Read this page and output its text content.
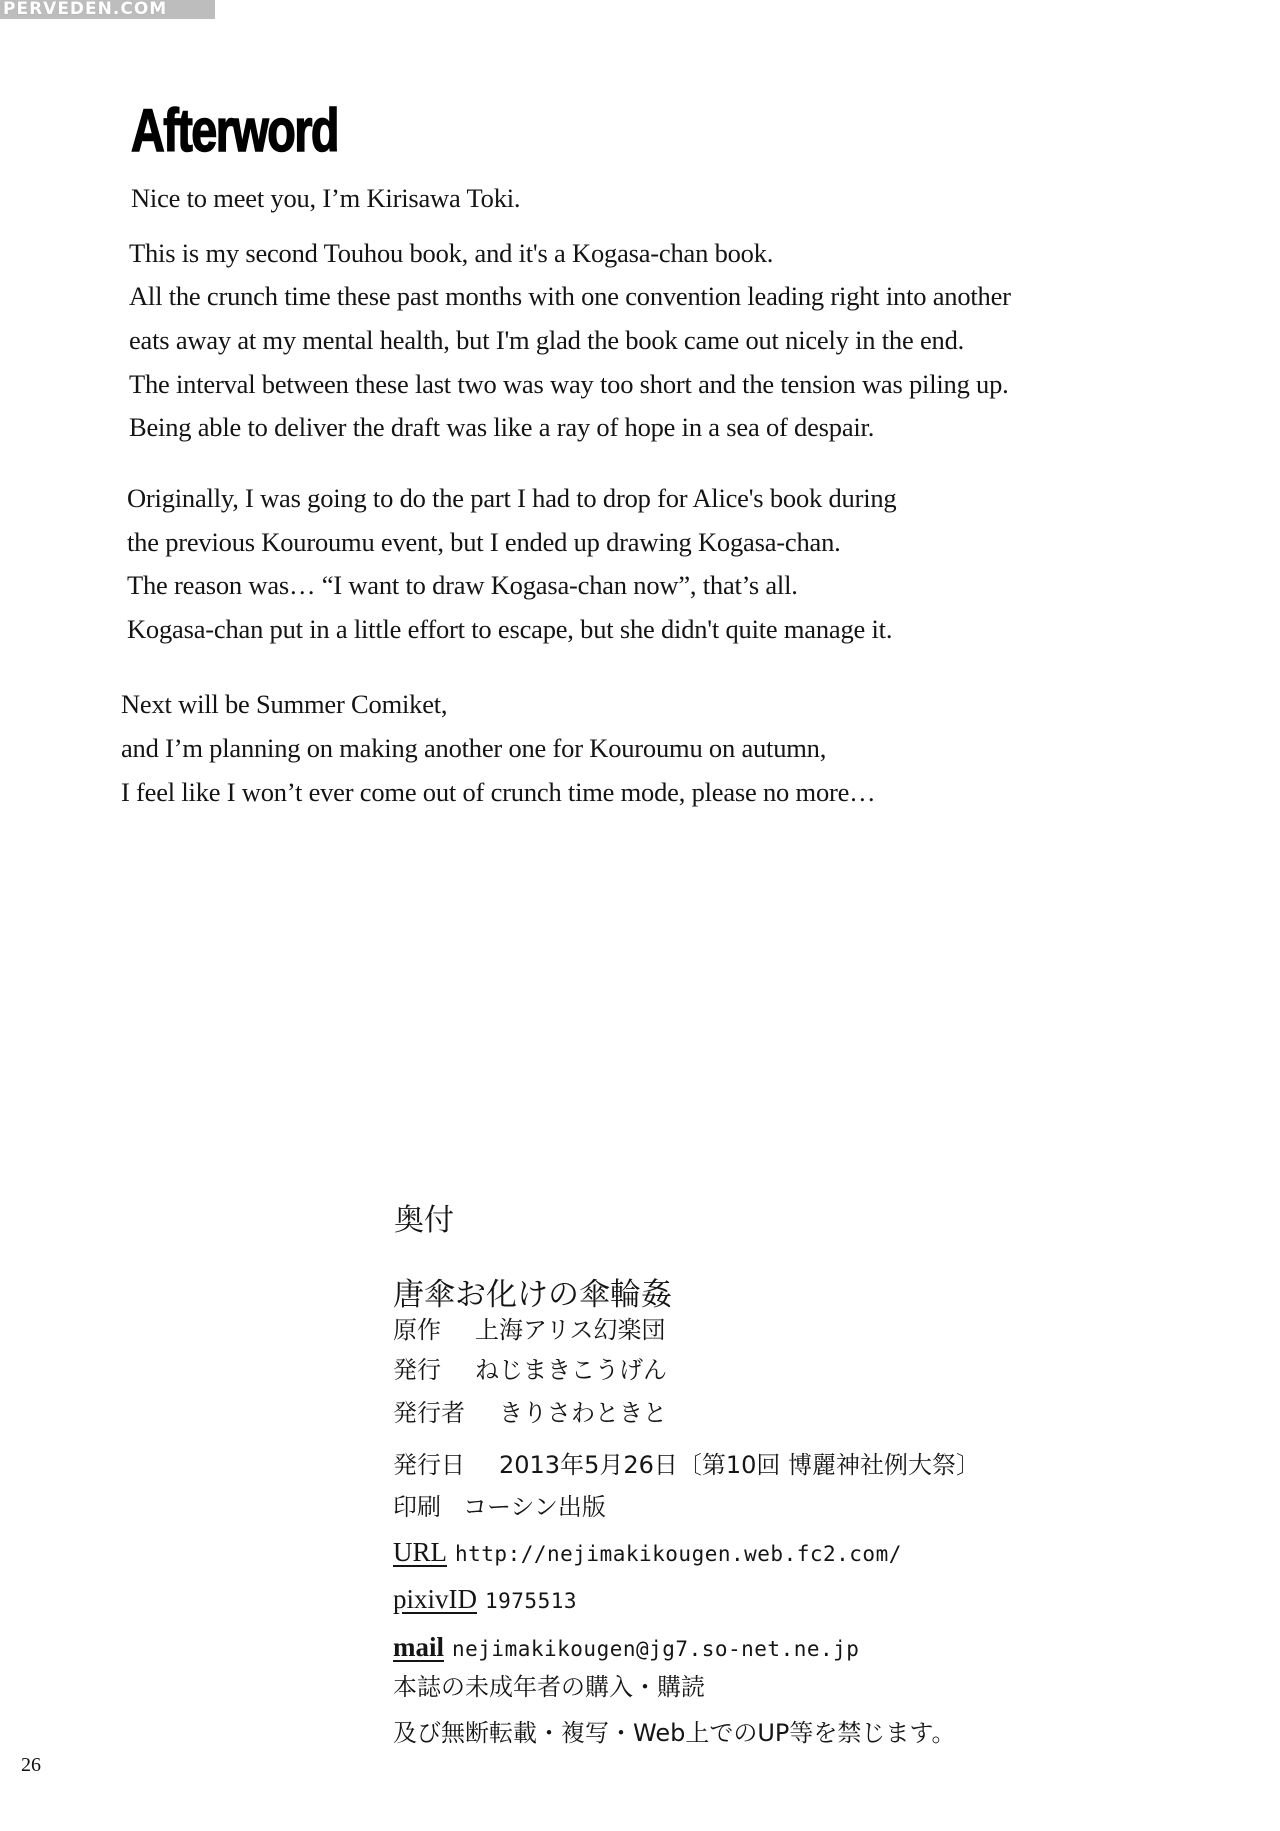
PERVEDEN.COM
Afterword
Nice to meet you, I’m Kirisawa Toki.
This is my second Touhou book, and it's a Kogasa-chan book.
All the crunch time these past months with one convention leading right into another
eats away at my mental health, but I'm glad the book came out nicely in the end.
The interval between these last two was way too short and the tension was piling up.
Being able to deliver the draft was like a ray of hope in a sea of despair.
Originally, I was going to do the part I had to drop for Alice's book during
the previous Kouroumu event, but I ended up drawing Kogasa-chan.
The reason was… “I want to draw Kogasa-chan now”, that’s all.
Kogasa-chan put in a little effort to escape, but she didn't quite manage it.
Next will be Summer Comiket,
and I’m planning on making another one for Kouroumu on autumn,
I feel like I won’t ever come out of crunch time mode, please no more…
奥付
唐傘お化けの傘輪姦
原作 上海アリス幻楽団
発行 ねじまきこうげん
発行者 きりさわときと
発行日 2013年5月26日〔第10回 博麗神社例大祭〕
印刷 コーシン出版
URL http://nejimakikougen.web.fc2.com/
pixivID 1975513
mail nejimakikougen@jg7.so-net.ne.jp
本誌の未成年者の購入・購読
及び無断転載・複写・Web上でのUP等を禁じます。
26
